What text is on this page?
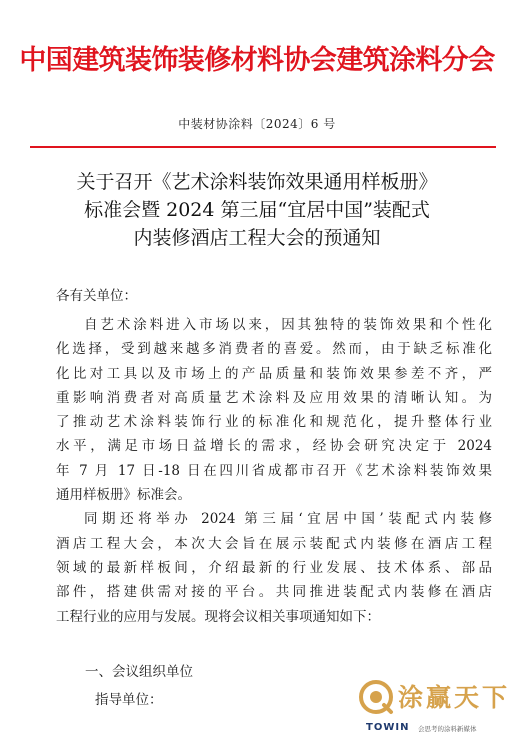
中国建筑装饰装修材料协会建筑涂料分会
中装材协涂料〔2024〕6 号
关于召开《艺术涂料装饰效果通用样板册》
标准会暨 2024 第三届“宜居中国”装配式
内装修酒店工程大会的预通知
各有关单位：
自艺术涂料进入市场以来，因其独特的装饰效果和个性化
化选择，受到越来越多消费者的喜爱。然而，由于缺乏标准化
化比对工具以及市场上的产品质量和装饰效果参差不齐，严
重影响消费者对高质量艺术涂料及应用效果的清晰认知。为
了推动艺术涂料装饰行业的标准化和规范化，提升整体行业
水平，满足市场日益增长的需求，经协会研究决定于 2024
年 7 月 17 日-18 日在四川省成都市召开《艺术涂料装饰效果
通用样板册》标准会。
同期还将举办 2024 第三届‘宜居中国’装配式内装修
酒店工程大会，本次大会旨在展示装配式内装修在酒店工程
领域的最新样板间，介绍最新的行业发展、技术体系、部品
部件，搭建供需对接的平台。共同推进装配式内装修在酒店
工程行业的应用与发展。现将会议相关事项通知如下：
一、会议组织单位
指导单位：	涂赢天下
TOWIN 会思考的涂料新媒体
